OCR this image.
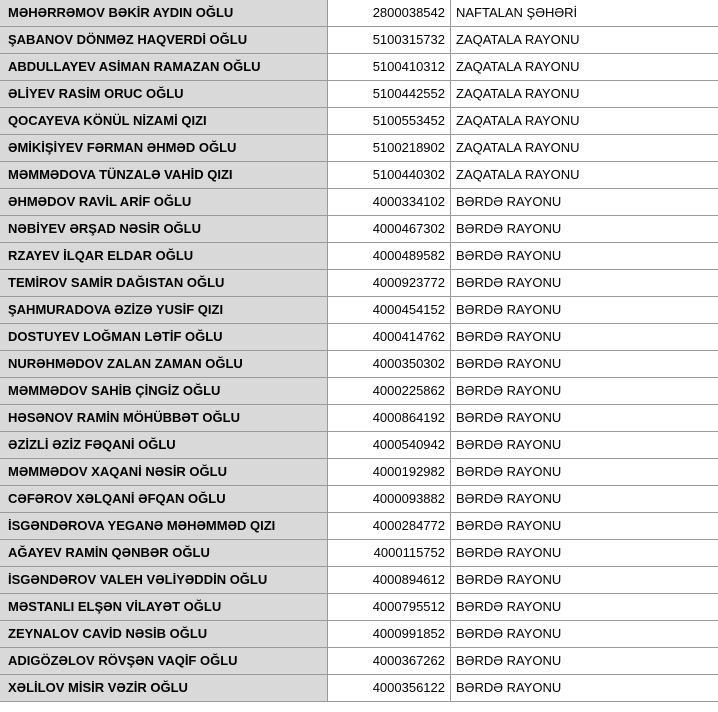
MƏHƏRRƏMOV BƏKİR AYDIN OĞLU	2800038542	NAFTALAN ŞƏHƏRİ
ŞABANOV DÖNMƏZ HAQVERDİ OĞLU	5100315732	ZAQATALA RAYONU
ABDULLAYEV ASİMAN RAMAZAN OĞLU	5100410312	ZAQATALA RAYONU
ƏLİYEV RASİM ORUC OĞLU	5100442552	ZAQATALA RAYONU
QOCAYEVA KÖNÜL NİZAMİ QIZI	5100553452	ZAQATALA RAYONU
ƏMİKİŞİYEV FƏRMAN ƏHMƏD OĞLU	5100218902	ZAQATALA RAYONU
MƏMMƏDOVA TÜNZALƏ VAHİD QIZI	5100440302	ZAQATALA RAYONU
ƏHMƏDOV RAVİL ARİF OĞLU	4000334102	BƏRDƏ RAYONU
NƏBİYEV ƏRŞAD NƏSİR OĞLU	4000467302	BƏRDƏ RAYONU
RZAYEV İLQAR ELDAR OĞLU	4000489582	BƏRDƏ RAYONU
TEMİROV SAMİR DAĞISTAN OĞLU	4000923772	BƏRDƏ RAYONU
ŞAHMURADOVA ƏZİZƏ YUSİF QIZI	4000454152	BƏRDƏ RAYONU
DOSTUYEV LOĞMAN LƏTİF OĞLU	4000414762	BƏRDƏ RAYONU
NURƏHMƏDOV ZALAN ZAMAN OĞLU	4000350302	BƏRDƏ RAYONU
MƏMMƏDOV SAHİB ÇİNGİZ OĞLU	4000225862	BƏRDƏ RAYONU
HƏSƏNOV RAMİN MÖHÜBBƏT OĞLU	4000864192	BƏRDƏ RAYONU
ƏZİZLİ ƏZİZ FƏQANİ OĞLU	4000540942	BƏRDƏ RAYONU
MƏMMƏDOV XAQANİ NƏSİR OĞLU	4000192982	BƏRDƏ RAYONU
CƏFƏROV XƏLQANİ ƏFQAN OĞLU	4000093882	BƏRDƏ RAYONU
İSGƏNDƏROVA YEGANƏ MƏHƏMMƏD QIZI	4000284772	BƏRDƏ RAYONU
AĞAYEV RAMİN QƏNBƏR OĞLU	4000115752	BƏRDƏ RAYONU
İSGƏNDƏROV VALEH VƏLİYƏDDİN OĞLU	4000894612	BƏRDƏ RAYONU
MƏSTANLI ELŞƏN VİLAYƏT OĞLU	4000795512	BƏRDƏ RAYONU
ZEYNALOV CAVİD NƏSİB OĞLU	4000991852	BƏRDƏ RAYONU
ADIGÖZƏLOV RÖVŞƏN VAQİF OĞLU	4000367262	BƏRDƏ RAYONU
XƏLİLOV MİSİR VƏZİR OĞLU	4000356122	BƏRDƏ RAYONU
